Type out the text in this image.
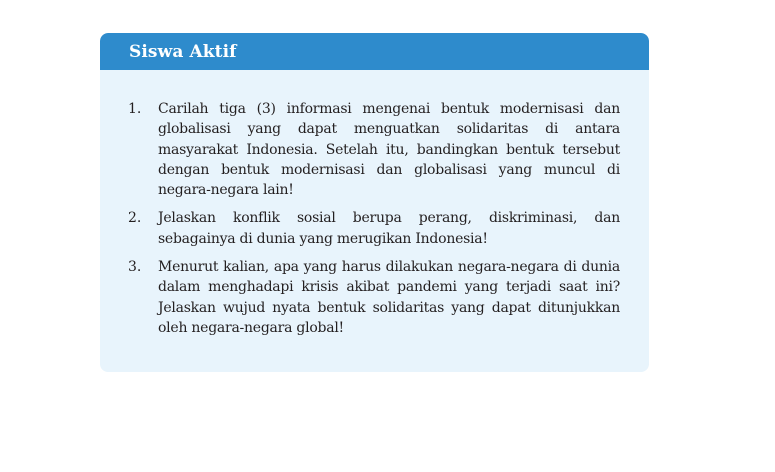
Siswa Aktif
1.	Carilah tiga (3) informasi mengenai bentuk modernisasi dan globalisasi yang dapat menguatkan solidaritas di antara masyarakat Indonesia. Setelah itu, bandingkan bentuk tersebut dengan bentuk modernisasi dan globalisasi yang muncul di negara-negara lain!
2.	Jelaskan konflik sosial berupa perang, diskriminasi, dan sebagainya di dunia yang merugikan Indonesia!
3.	Menurut kalian, apa yang harus dilakukan negara-negara di dunia dalam menghadapi krisis akibat pandemi yang terjadi saat ini? Jelaskan wujud nyata bentuk solidaritas yang dapat ditunjukkan oleh negara-negara global!
